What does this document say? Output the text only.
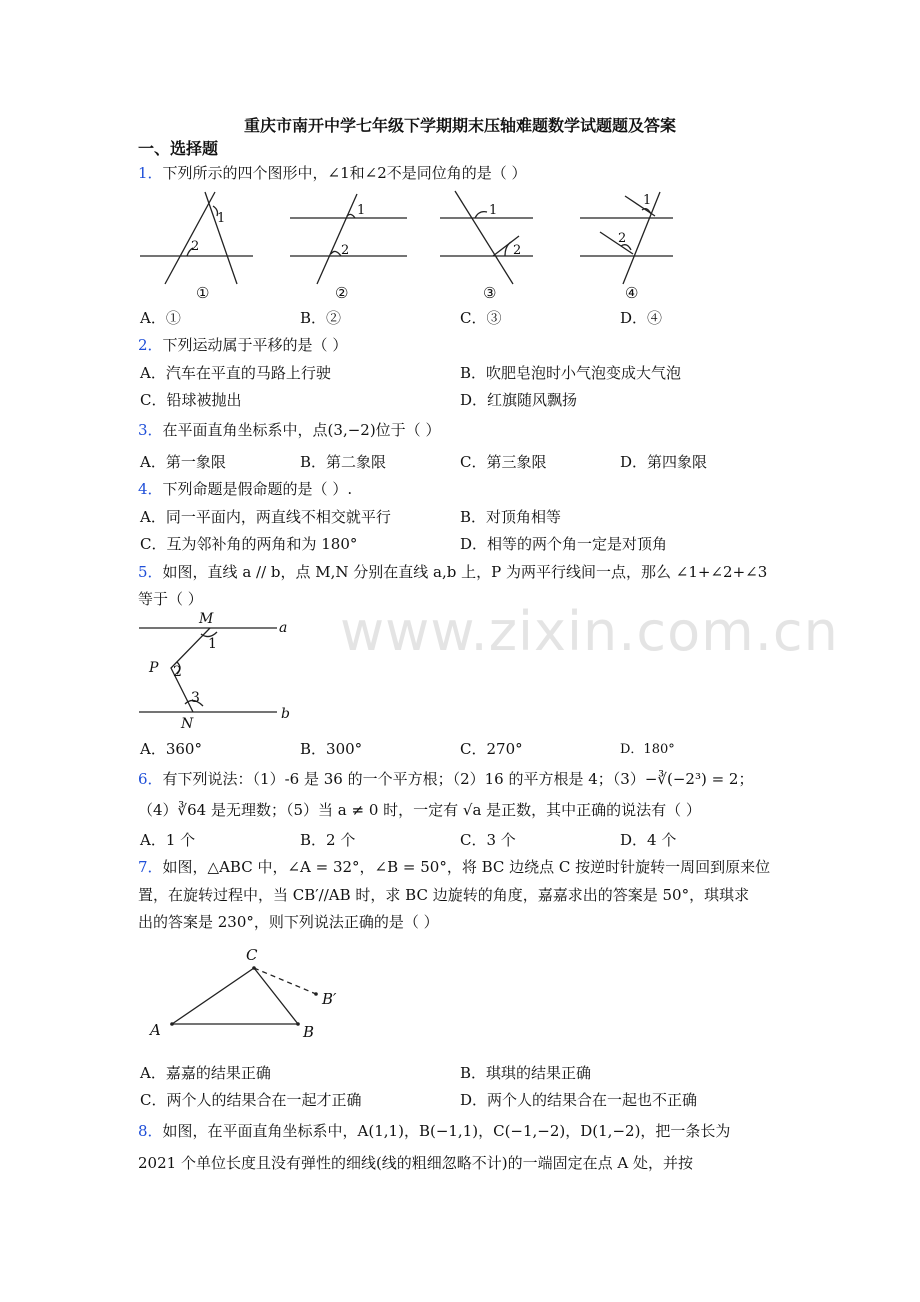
重庆市南开中学七年级下学期期末压轴难题数学试题题及答案
一、选择题
www.zixin.com.cn
1．下列所示的四个图形中，∠1和∠2不是同位角的是（ ）
1
2
1
2
1
2
1
2
①	②	③	④
A．①	B．②	C．③	D．④
2．下列运动属于平移的是（ ）
A．汽车在平直的马路上行驶	B．吹肥皂泡时小气泡变成大气泡
C．铅球被抛出	D．红旗随风飘扬
3．在平面直角坐标系中，点(3,−2)位于（ ）
A．第一象限	B．第二象限	C．第三象限	D．第四象限
4．下列命题是假命题的是（ ）.
A．同一平面内，两直线不相交就平行	B．对顶角相等
C．互为邻补角的两角和为 180°	D．相等的两个角一定是对顶角
5．如图，直线 a // b，点 M,N 分别在直线 a,b 上，P 为两平行线间一点，那么 ∠1+∠2+∠3
等于（ ）
M
a
1
P 2
3
N
b
A．360°	B．300°	C．270°	D．180°
6．有下列说法：（1）-6 是 36 的一个平方根；（2）16 的平方根是 4；（3）−∛(−2³) = 2；
（4）∛64 是无理数；（5）当 a ≠ 0 时，一定有 √a 是正数，其中正确的说法有（ ）
A．1 个	B．2 个	C．3 个	D．4 个
7．如图，△ABC 中，∠A = 32°，∠B = 50°，将 BC 边绕点 C 按逆时针旋转一周回到原来位
置，在旋转过程中，当 CB′//AB 时，求 BC 边旋转的角度，嘉嘉求出的答案是 50°，琪琪求
出的答案是 230°，则下列说法正确的是（ ）
C
B′
A	B
A．嘉嘉的结果正确	B．琪琪的结果正确
C．两个人的结果合在一起才正确	D．两个人的结果合在一起也不正确
8．如图，在平面直角坐标系中，A(1,1)，B(−1,1)，C(−1,−2)，D(1,−2)，把一条长为
2021 个单位长度且没有弹性的细线(线的粗细忽略不计)的一端固定在点 A 处，并按
